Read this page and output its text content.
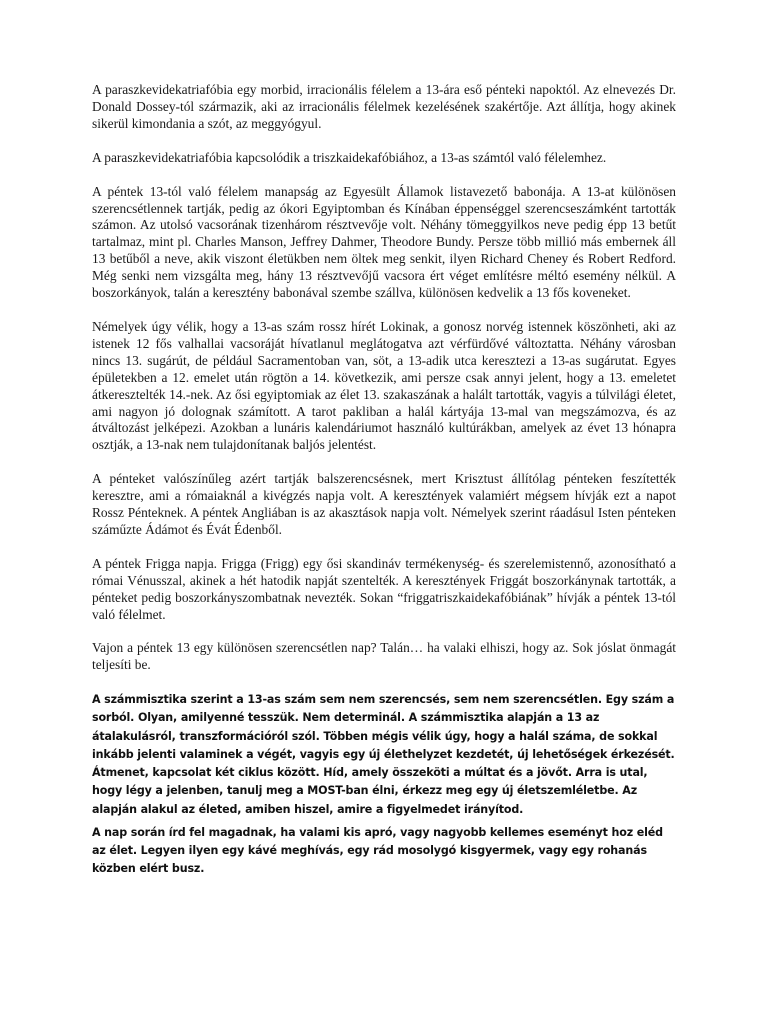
A paraszkevidekatriafóbia egy morbid, irracionális félelem a 13-ára eső pénteki napoktól. Az elnevezés Dr. Donald Dossey-tól származik, aki az irracionális félelmek kezelésének szakértője. Azt állítja, hogy akinek sikerül kimondania a szót, az meggyógyul.

A paraszkevidekatriafóbia kapcsolódik a triszkaidekafóbiához, a 13-as számtól való félelemhez.

A péntek 13-tól való félelem manapság az Egyesült Államok listavezető babonája. A 13-at különösen szerencsétlennek tartják, pedig az ókori Egyiptomban és Kínában éppenséggel szerencseszámként tartották számon. Az utolsó vacsorának tizenhárom résztvevője volt. Néhány tömeggyilkos neve pedig épp 13 betűt tartalmaz, mint pl. Charles Manson, Jeffrey Dahmer, Theodore Bundy. Persze több millió más embernek áll 13 betűből a neve, akik viszont életükben nem öltek meg senkit, ilyen Richard Cheney és Robert Redford. Még senki nem vizsgálta meg, hány 13 résztvevőjű vacsora ért véget említésre méltó esemény nélkül. A boszorkányok, talán a keresztény babonával szembe szállva, különösen kedvelik a 13 fős koveneket.

Némelyek úgy vélik, hogy a 13-as szám rossz hírét Lokinak, a gonosz norvég istennek köszönheti, aki az istenek 12 fős valhallai vacsoráját hívatlanul meglátogatva azt vérfürdővé változtatta. Néhány városban nincs 13. sugárút, de például Sacramentoban van, söt, a 13-adik utca keresztezi a 13-as sugárutat. Egyes épületekben a 12. emelet után rögtön a 14. következik, ami persze csak annyi jelent, hogy a 13. emeletet átkeresztelték 14.-nek. Az ősi egyiptomiak az élet 13. szakaszának a halált tartották, vagyis a túlvilági életet, ami nagyon jó dolognak számított. A tarot pakliban a halál kártyája 13-mal van megszámozva, és az átváltozást jelképezi. Azokban a lunáris kalendáriumot használó kultúrákban, amelyek az évet 13 hónapra osztják, a 13-nak nem tulajdonítanak baljós jelentést.

A pénteket valószínűleg azért tartják balszerencsésnek, mert Krisztust állítólag pénteken feszítették keresztre, ami a rómaiaknál a kivégzés napja volt. A keresztények valamiért mégsem hívják ezt a napot Rossz Pénteknek. A péntek Angliában is az akasztások napja volt. Némelyek szerint ráadásul Isten pénteken száműzte Ádámot és Évát Édenből.

A péntek Frigga napja. Frigga (Frigg) egy ősi skandináv termékenység- és szerelemistennő, azonosítható a római Vénusszal, akinek a hét hatodik napját szentelték. A keresztények Friggát boszorkánynak tartották, a pénteket pedig boszorkányszombatnak nevezték. Sokan “friggatriszkaidekafóbiának” hívják a péntek 13-tól való félelmet.

Vajon a péntek 13 egy különösen szerencsétlen nap? Talán… ha valaki elhiszi, hogy az. Sok jóslat önmagát teljesíti be.

A számmisztika szerint a 13-as szám sem nem szerencsés, sem nem szerencsétlen. Egy szám a sorból. Olyan, amilyenné tesszük. Nem determinál. A számmisztika alapján a 13 az átalakulásról, transzformációról szól. Többen mégis vélik úgy, hogy a halál száma, de sokkal inkább jelenti valaminek a végét, vagyis egy új élethelyzet kezdetét, új lehetőségek érkezését. Átmenet, kapcsolat két ciklus között. Híd, amely összeköti a múltat és a jövőt. Arra is utal, hogy légy a jelenben, tanulj meg a MOST-ban élni, érkezz meg egy új életszemléletbe. Az alapján alakul az életed, amiben hiszel, amire a figyelmedet irányítod.

A nap során írd fel magadnak, ha valami kis apró, vagy nagyobb kellemes eseményt hoz eléd az élet. Legyen ilyen egy kávé meghívás, egy rád mosolygó kisgyermek, vagy egy rohanás közben elért busz.
